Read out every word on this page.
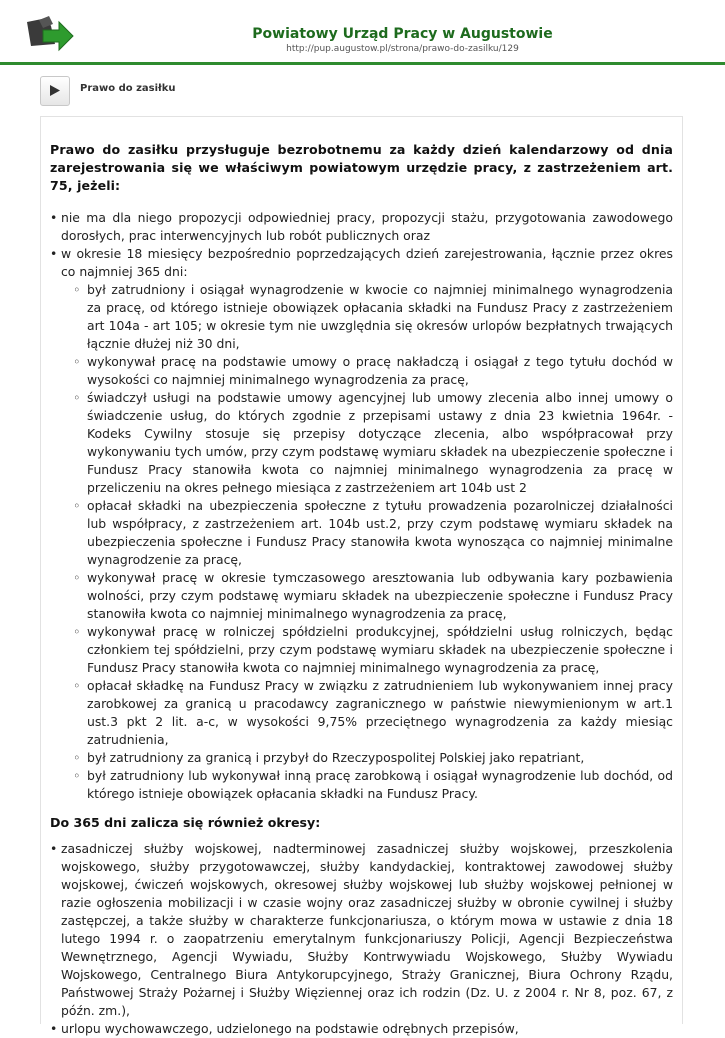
Powiatowy Urząd Pracy w Augustowie
http://pup.augustow.pl/strona/prawo-do-zasilku/129
Prawo do zasiłku

Prawo do zasiłku przysługuje bezrobotnemu za każdy dzień kalendarzowy od dnia zarejestrowania się we właściwym powiatowym urzędzie pracy, z zastrzeżeniem art. 75, jeżeli:

• nie ma dla niego propozycji odpowiedniej pracy, propozycji stażu, przygotowania zawodowego dorosłych, prac interwencyjnych lub robót publicznych oraz
• w okresie 18 miesięcy bezpośrednio poprzedzających dzień zarejestrowania, łącznie przez okres co najmniej 365 dni:
◦ był zatrudniony i osiągał wynagrodzenie w kwocie co najmniej minimalnego wynagrodzenia za pracę, od którego istnieje obowiązek opłacania składki na Fundusz Pracy z zastrzeżeniem art 104a - art 105; w okresie tym nie uwzględnia się okresów urlopów bezpłatnych trwających łącznie dłużej niż 30 dni,
◦ wykonywał pracę na podstawie umowy o pracę nakładczą i osiągał z tego tytułu dochód w wysokości co najmniej minimalnego wynagrodzenia za pracę,
◦ świadczył usługi na podstawie umowy agencyjnej lub umowy zlecenia albo innej umowy o świadczenie usług, do których zgodnie z przepisami ustawy z dnia 23 kwietnia 1964r. - Kodeks Cywilny stosuje się przepisy dotyczące zlecenia, albo współpracował przy wykonywaniu tych umów, przy czym podstawę wymiaru składek na ubezpieczenie społeczne i Fundusz Pracy stanowiła kwota co najmniej minimalnego wynagrodzenia za pracę w przeliczeniu na okres pełnego miesiąca z zastrzeżeniem art 104b ust 2
◦ opłacał składki na ubezpieczenia społeczne z tytułu prowadzenia pozarolniczej działalności lub współpracy, z zastrzeżeniem art. 104b ust.2, przy czym podstawę wymiaru składek na ubezpieczenia społeczne i Fundusz Pracy stanowiła kwota wynosząca co najmniej minimalne wynagrodzenie za pracę,
◦ wykonywał pracę w okresie tymczasowego aresztowania lub odbywania kary pozbawienia wolności, przy czym podstawę wymiaru składek na ubezpieczenie społeczne i Fundusz Pracy stanowiła kwota co najmniej minimalnego wynagrodzenia za pracę,
◦ wykonywał pracę w rolniczej spółdzielni produkcyjnej, spółdzielni usług rolniczych, będąc członkiem tej spółdzielni, przy czym podstawę wymiaru składek na ubezpieczenie społeczne i Fundusz Pracy stanowiła kwota co najmniej minimalnego wynagrodzenia za pracę,
◦ opłacał składkę na Fundusz Pracy w związku z zatrudnieniem lub wykonywaniem innej pracy zarobkowej za granicą u pracodawcy zagranicznego w państwie niewymienionym w art.1 ust.3 pkt 2 lit. a-c, w wysokości 9,75% przeciętnego wynagrodzenia za każdy miesiąc zatrudnienia,
◦ był zatrudniony za granicą i przybył do Rzeczypospolitej Polskiej jako repatriant,
◦ był zatrudniony lub wykonywał inną pracę zarobkową i osiągał wynagrodzenie lub dochód, od którego istnieje obowiązek opłacania składki na Fundusz Pracy.
Do 365 dni zalicza się również okresy:
• zasadniczej służby wojskowej, nadterminowej zasadniczej służby wojskowej, przeszkolenia wojskowego, służby przygotowawczej, służby kandydackiej, kontraktowej zawodowej służby wojskowej, ćwiczeń wojskowych, okresowej służby wojskowej lub służby wojskowej pełnionej w razie ogłoszenia mobilizacji i w czasie wojny oraz zasadniczej służby w obronie cywilnej i służby zastępczej, a także służby w charakterze funkcjonariusza, o którym mowa w ustawie z dnia 18 lutego 1994 r. o zaopatrzeniu emerytalnym funkcjonariuszy Policji, Agencji Bezpieczeństwa Wewnętrznego, Agencji Wywiadu, Służby Kontrwywiadu Wojskowego, Służby Wywiadu Wojskowego, Centralnego Biura Antykorupcyjnego, Straży Granicznej, Biura Ochrony Rządu, Państwowej Straży Pożarnej i Służby Więziennej oraz ich rodzin (Dz. U. z 2004 r. Nr 8, poz. 67, z późn. zm.),
• urlopu wychowawczego, udzielonego na podstawie odrębnych przepisów,
